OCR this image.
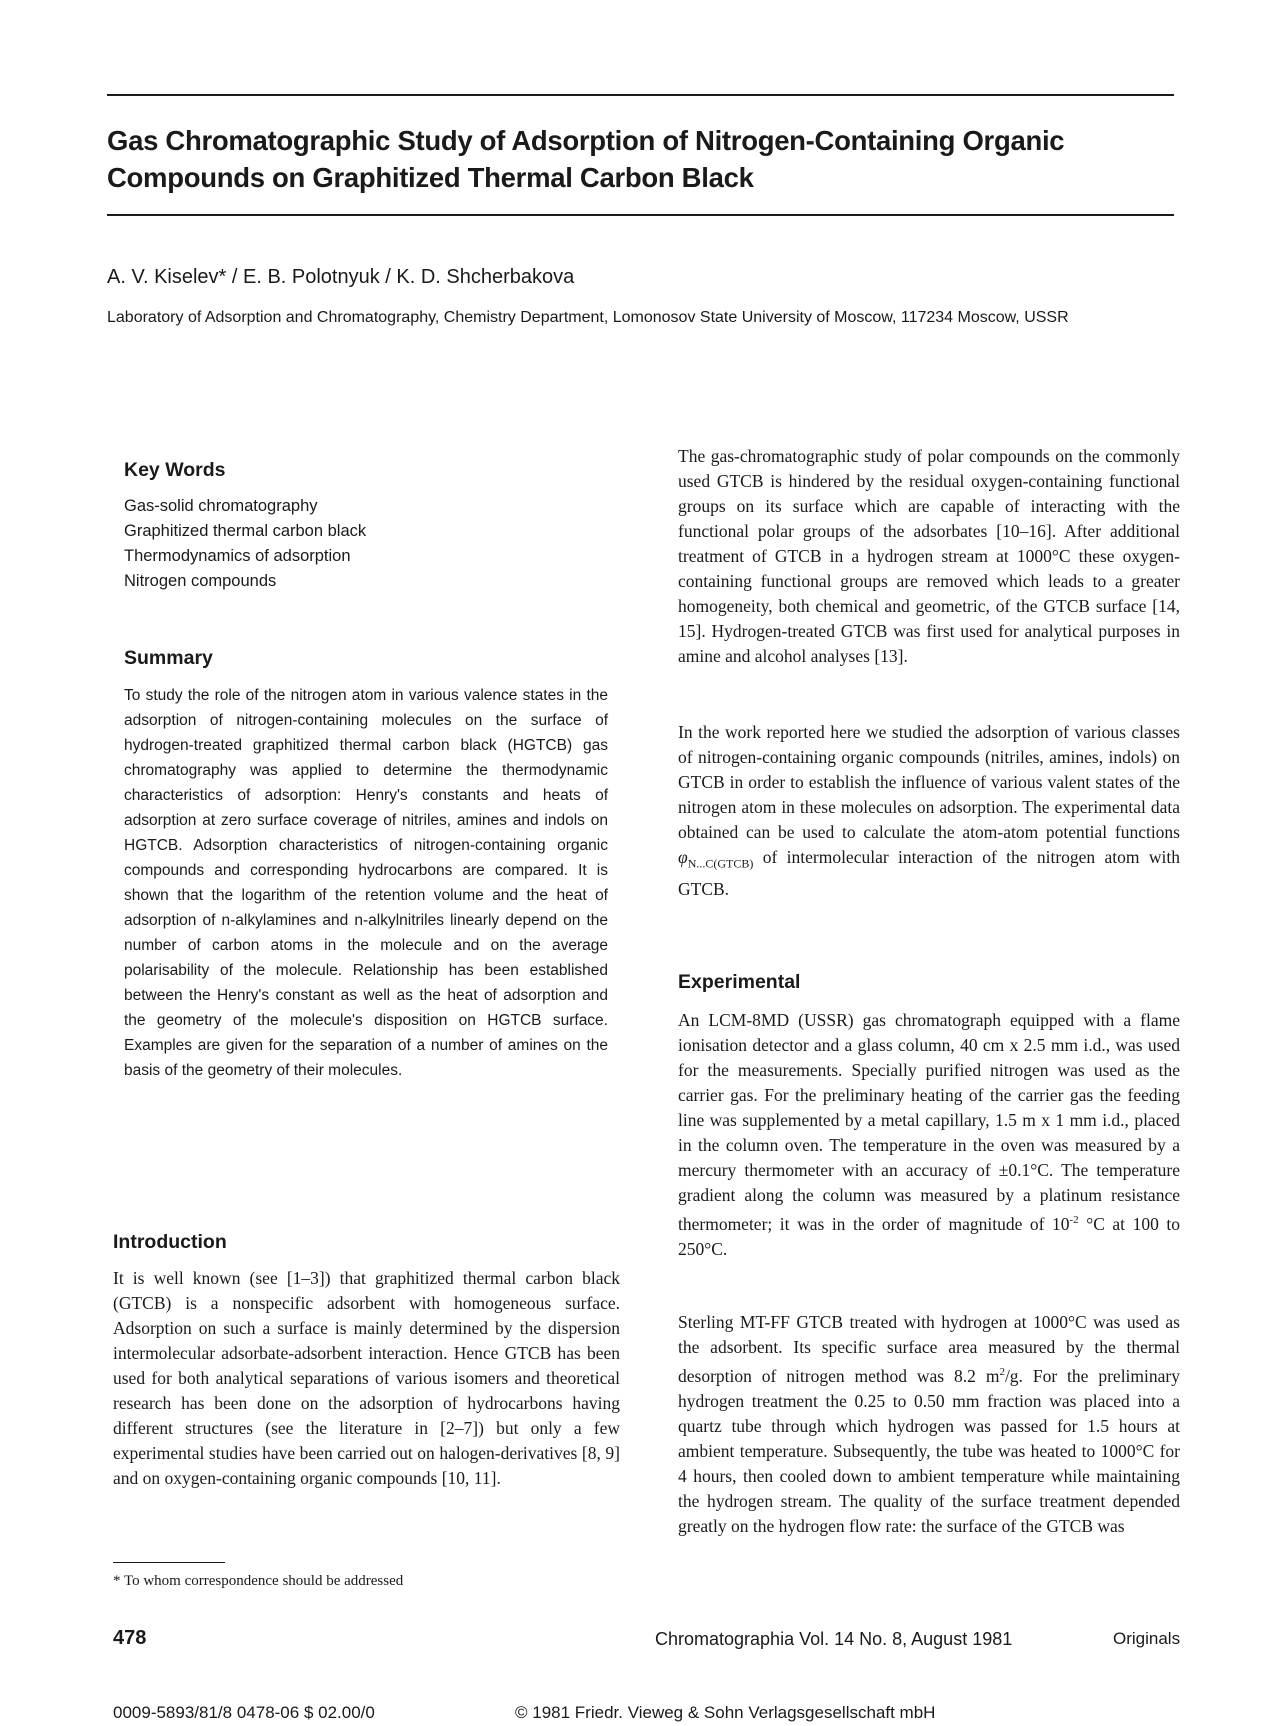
Gas Chromatographic Study of Adsorption of Nitrogen-Containing Organic Compounds on Graphitized Thermal Carbon Black

A. V. Kiselev* / E. B. Polotnyuk / K. D. Shcherbakova

Laboratory of Adsorption and Chromatography, Chemistry Department, Lomonosov State University of Moscow, 117234 Moscow, USSR

Key Words
Gas-solid chromatography
Graphitized thermal carbon black
Thermodynamics of adsorption
Nitrogen compounds
Summary

To study the role of the nitrogen atom in various valence states in the adsorption of nitrogen-containing molecules on the surface of hydrogen-treated graphitized thermal carbon black (HGTCB) gas chromatography was applied to determine the thermodynamic characteristics of adsorption: Henry's constants and heats of adsorption at zero surface coverage of nitriles, amines and indols on HGTCB. Adsorption characteristics of nitrogen-containing organic compounds and corresponding hydrocarbons are compared. It is shown that the logarithm of the retention volume and the heat of adsorption of n-alkylamines and n-alkylnitriles linearly depend on the number of carbon atoms in the molecule and on the average polarisability of the molecule. Relationship has been established between the Henry's constant as well as the heat of adsorption and the geometry of the molecule's disposition on HGTCB surface. Examples are given for the separation of a number of amines on the basis of the geometry of their molecules.

Introduction

It is well known (see [1–3]) that graphitized thermal carbon black (GTCB) is a nonspecific adsorbent with homogeneous surface. Adsorption on such a surface is mainly determined by the dispersion intermolecular adsorbate-adsorbent interaction. Hence GTCB has been used for both analytical separations of various isomers and theoretical research has been done on the adsorption of hydrocarbons having different structures (see the literature in [2–7]) but only a few experimental studies have been carried out on halogen-derivatives [8, 9] and on oxygen-containing organic compounds [10, 11].

* To whom correspondence should be addressed

The gas-chromatographic study of polar compounds on the commonly used GTCB is hindered by the residual oxygen-containing functional groups on its surface which are capable of interacting with the functional polar groups of the adsorbates [10–16]. After additional treatment of GTCB in a hydrogen stream at 1000°C these oxygen-containing functional groups are removed which leads to a greater homogeneity, both chemical and geometric, of the GTCB surface [14, 15]. Hydrogen-treated GTCB was first used for analytical purposes in amine and alcohol analyses [13].

In the work reported here we studied the adsorption of various classes of nitrogen-containing organic compounds (nitriles, amines, indols) on GTCB in order to establish the influence of various valent states of the nitrogen atom in these molecules on adsorption. The experimental data obtained can be used to calculate the atom-atom potential functions $\varphi_{N...C(GTCB)}$ of intermolecular interaction of the nitrogen atom with GTCB.

Experimental

An LCM-8MD (USSR) gas chromatograph equipped with a flame ionisation detector and a glass column, 40 cm x 2.5 mm i.d., was used for the measurements. Specially purified nitrogen was used as the carrier gas. For the preliminary heating of the carrier gas the feeding line was supplemented by a metal capillary, 1.5 m x 1 mm i.d., placed in the column oven. The temperature in the oven was measured by a mercury thermometer with an accuracy of ±0.1°C. The temperature gradient along the column was measured by a platinum resistance thermometer; it was in the order of magnitude of $10^{-2}$ °C at 100 to 250°C.

Sterling MT-FF GTCB treated with hydrogen at 1000°C was used as the adsorbent. Its specific surface area measured by the thermal desorption of nitrogen method was 8.2 $m^2/g$. For the preliminary hydrogen treatment the 0.25 to 0.50 mm fraction was placed into a quartz tube through which hydrogen was passed for 1.5 hours at ambient temperature. Subsequently, the tube was heated to 1000°C for 4 hours, then cooled down to ambient temperature while maintaining the hydrogen stream. The quality of the surface treatment depended greatly on the hydrogen flow rate: the surface of the GTCB was

478	Chromatographia Vol. 14 No. 8, August 1981	Originals

0009-5893/81/8 0478-06 $ 02.00/0	© 1981 Friedr. Vieweg & Sohn Verlagsgesellschaft mbH
